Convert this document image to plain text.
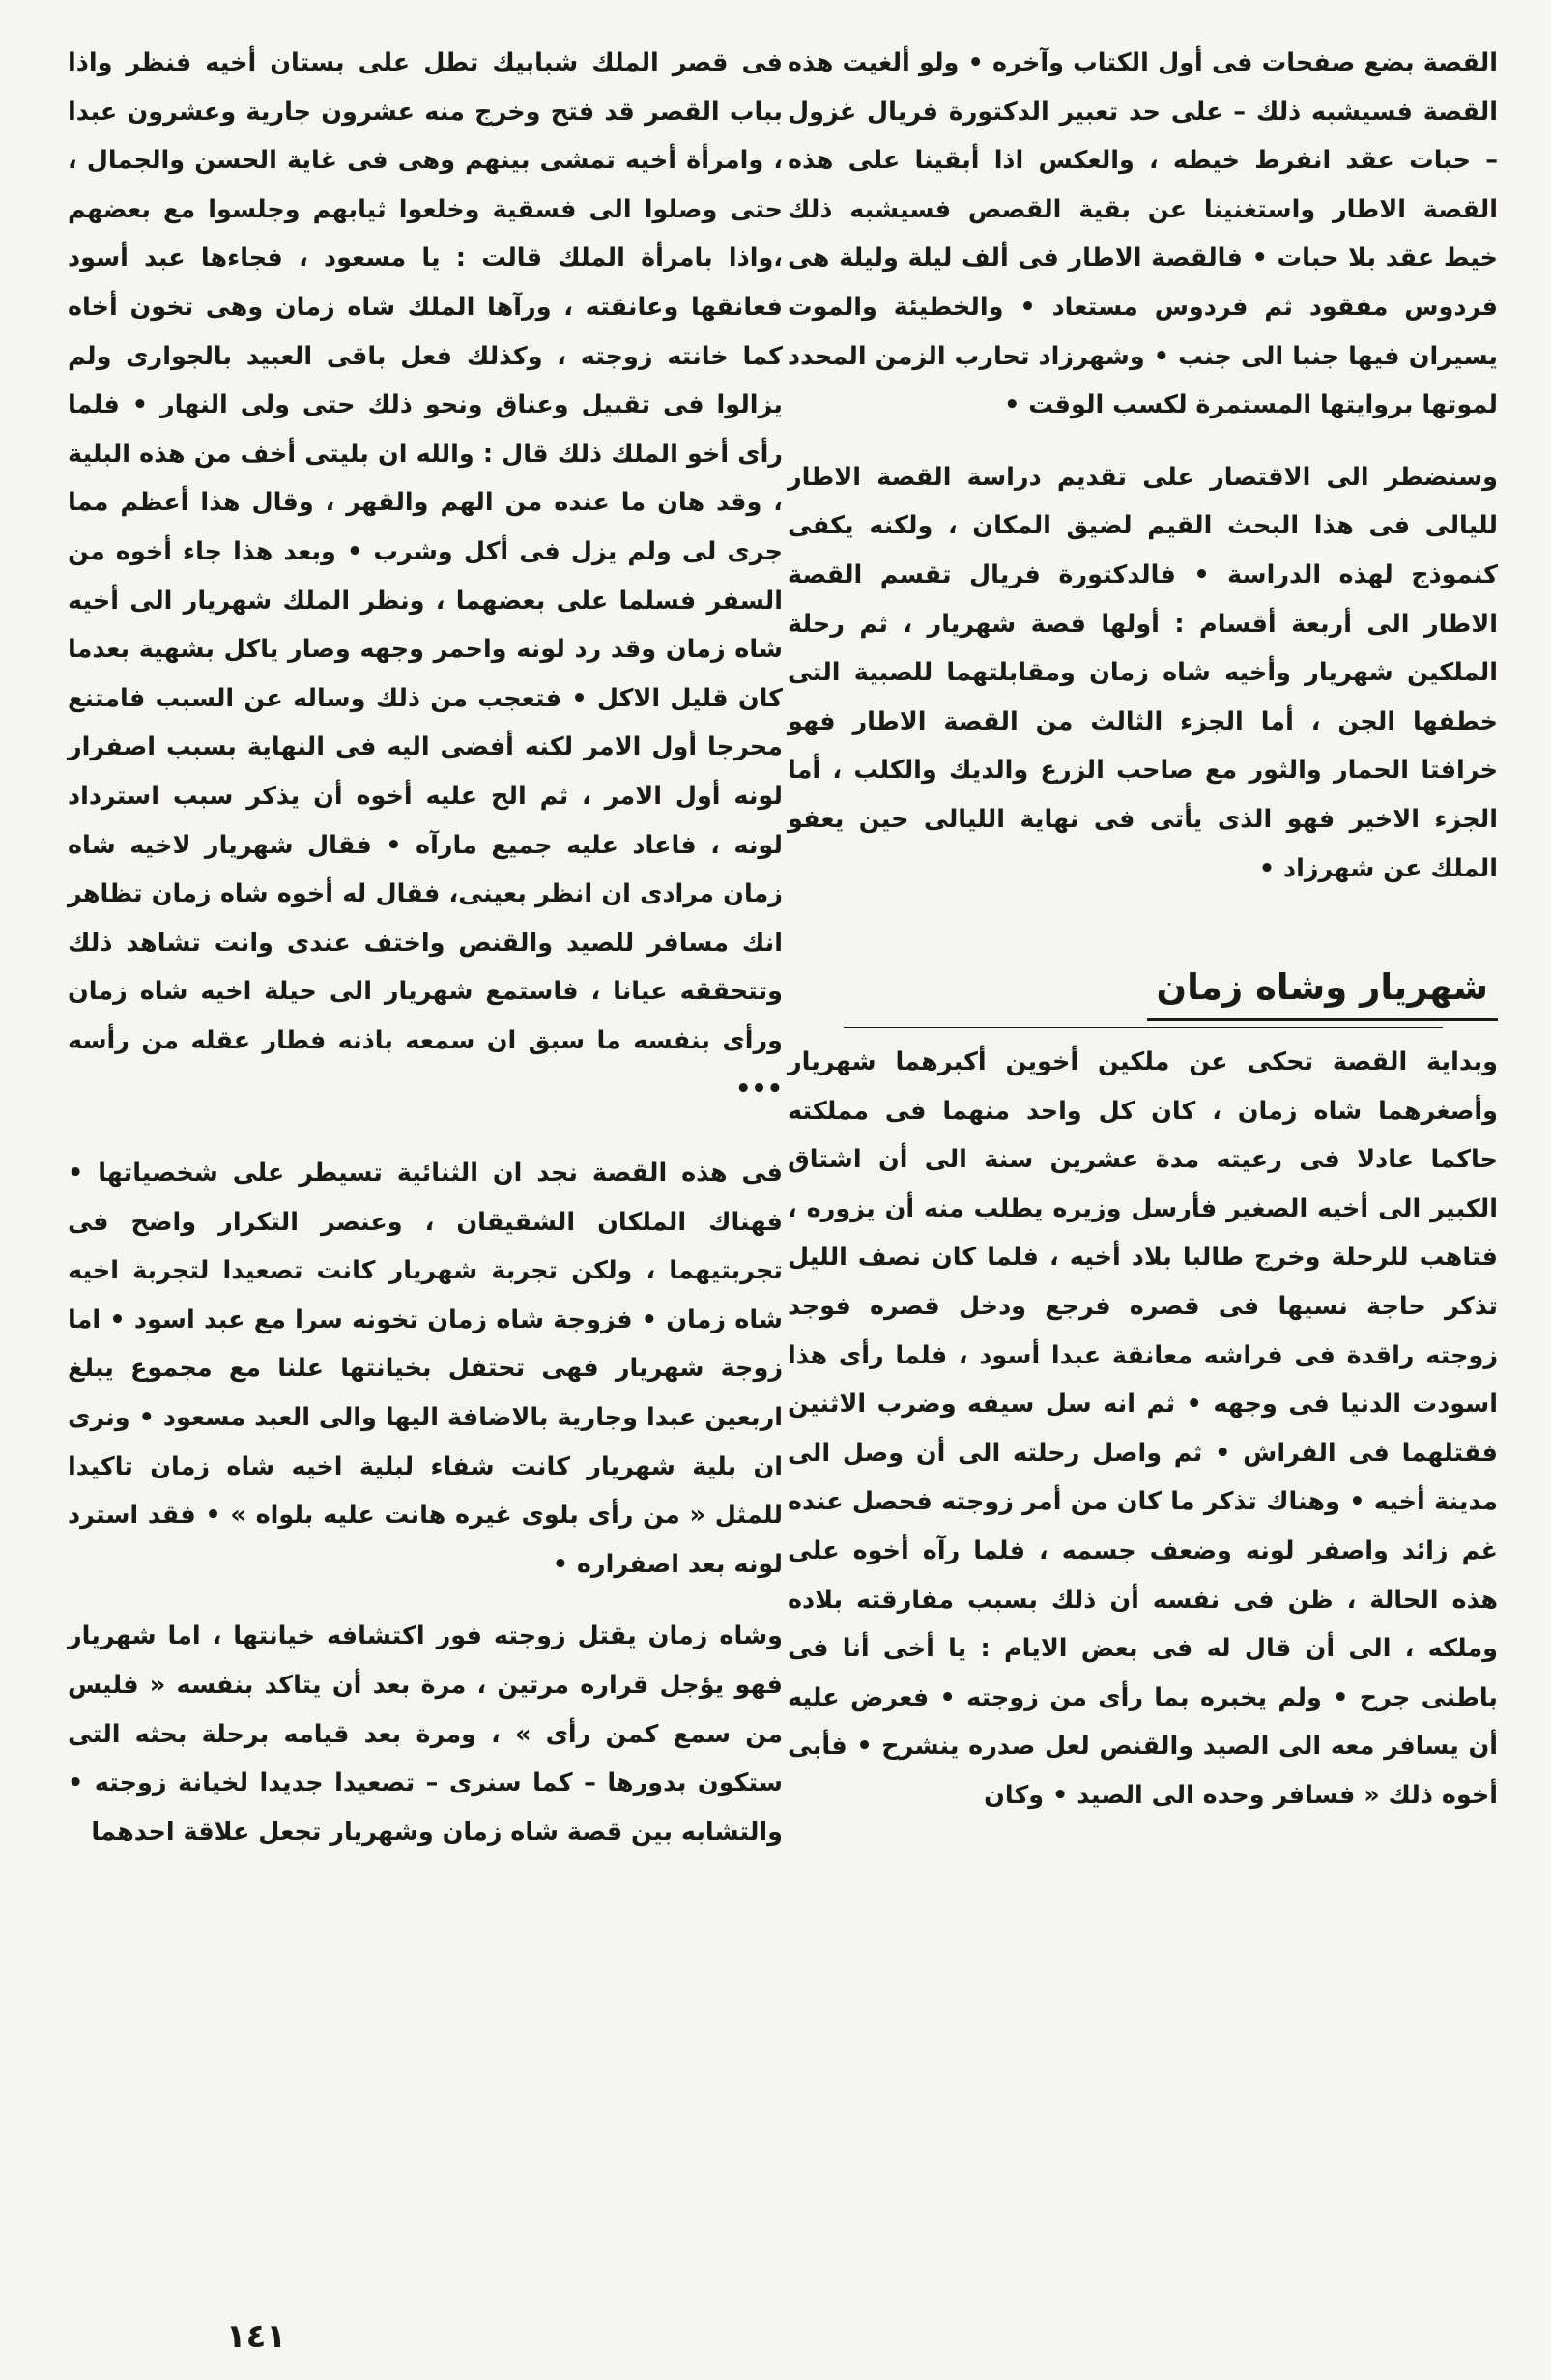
القصة بضع صفحات فى أول الكتاب وآخره • ولو ألغيت هذه القصة فسيشبه ذلك – على حد تعبير الدكتورة فريال غزول – حبات عقد انفرط خيطه ، والعكس اذا أبقينا على هذه القصة الاطار واستغنينا عن بقية القصص فسيشبه ذلك خيط عقد بلا حبات • فالقصة الاطار فى ألف ليلة وليلة هى فردوس مفقود ثم فردوس مستعاد • والخطيئة والموت يسيران فيها جنبا الى جنب • وشهرزاد تحارب الزمن المحدد لموتها بروايتها المستمرة لكسب الوقت •

وسنضطر الى الاقتصار على تقديم دراسة القصة الاطار لليالى فى هذا البحث القيم لضيق المكان ، ولكنه يكفى كنموذج لهذه الدراسة • فالدكتورة فريال تقسم القصة الاطار الى أربعة أقسام : أولها قصة شهريار ، ثم رحلة الملكين شهريار وأخيه شاه زمان ومقابلتهما للصبية التى خطفها الجن ، أما الجزء الثالث من القصة الاطار فهو خرافتا الحمار والثور مع صاحب الزرع والديك والكلب ، أما الجزء الاخير فهو الذى يأتى فى نهاية الليالى حين يعفو الملك عن شهرزاد •

شهريار وشاه زمان

وبداية القصة تحكى عن ملكين أخوين أكبرهما شهريار وأصغرهما شاه زمان ، كان كل واحد منهما فى مملكته حاكما عادلا فى رعيته مدة عشرين سنة الى أن اشتاق الكبير الى أخيه الصغير فأرسل وزيره يطلب منه أن يزوره ، فتاهب للرحلة وخرج طالبا بلاد أخيه ، فلما كان نصف الليل تذكر حاجة نسيها فى قصره فرجع ودخل قصره فوجد زوجته راقدة فى فراشه معانقة عبدا أسود ، فلما رأى هذا اسودت الدنيا فى وجهه • ثم انه سل سيفه وضرب الاثنين فقتلهما فى الفراش • ثم واصل رحلته الى أن وصل الى مدينة أخيه • وهناك تذكر ما كان من أمر زوجته فحصل عنده غم زائد واصفر لونه وضعف جسمه ، فلما رآه أخوه على هذه الحالة ، ظن فى نفسه أن ذلك بسبب مفارقته بلاده وملكه ، الى أن قال له فى بعض الايام : يا أخى أنا فى باطنى جرح • ولم يخبره بما رأى من زوجته • فعرض عليه أن يسافر معه الى الصيد والقنص لعل صدره ينشرح • فأبى أخوه ذلك « فسافر وحده الى الصيد • وكان

فى قصر الملك شبابيك تطل على بستان أخيه فنظر واذا بباب القصر قد فتح وخرج منه عشرون جارية وعشرون عبدا ، وامرأة أخيه تمشى بينهم وهى فى غاية الحسن والجمال ، حتى وصلوا الى فسقية وخلعوا ثيابهم وجلسوا مع بعضهم ،واذا بامرأة الملك قالت : يا مسعود ، فجاءها عبد أسود فعانقها وعانقته ، ورآها الملك شاه زمان وهى تخون أخاه كما خانته زوجته ، وكذلك فعل باقى العبيد بالجوارى ولم يزالوا فى تقبيل وعناق ونحو ذلك حتى ولى النهار • فلما رأى أخو الملك ذلك قال : والله ان بليتى أخف من هذه البلية ، وقد هان ما عنده من الهم والقهر ، وقال هذا أعظم مما جرى لى ولم يزل فى أكل وشرب • وبعد هذا جاء أخوه من السفر فسلما على بعضهما ، ونظر الملك شهريار الى أخيه شاه زمان وقد رد لونه واحمر وجهه وصار ياكل بشهية بعدما كان قليل الاكل • فتعجب من ذلك وساله عن السبب فامتنع محرجا أول الامر لكنه أفضى اليه فى النهاية بسبب اصفرار لونه أول الامر ، ثم الح عليه أخوه أن يذكر سبب استرداد لونه ، فاعاد عليه جميع مارآه • فقال شهريار لاخيه شاه زمان مرادى ان انظر بعينى، فقال له أخوه شاه زمان تظاهر انك مسافر للصيد والقنص واختف عندى وانت تشاهد ذلك وتتحققه عيانا ، فاستمع شهريار الى حيلة اخيه شاه زمان ورأى بنفسه ما سبق ان سمعه باذنه فطار عقله من رأسه •••

فى هذه القصة نجد ان الثنائية تسيطر على شخصياتها • فهناك الملكان الشقيقان ، وعنصر التكرار واضح فى تجربتيهما ، ولكن تجربة شهريار كانت تصعيدا لتجربة اخيه شاه زمان • فزوجة شاه زمان تخونه سرا مع عبد اسود • اما زوجة شهريار فهى تحتفل بخيانتها علنا مع مجموع يبلغ اربعين عبدا وجارية بالاضافة اليها والى العبد مسعود • ونرى ان بلية شهريار كانت شفاء لبلية اخيه شاه زمان تاكيدا للمثل « من رأى بلوى غيره هانت عليه بلواه » • فقد استرد لونه بعد اصفراره •

وشاه زمان يقتل زوجته فور اكتشافه خيانتها ، اما شهريار فهو يؤجل قراره مرتين ، مرة بعد أن يتاكد بنفسه « فليس من سمع كمن رأى » ، ومرة بعد قيامه برحلة بحثه التى ستكون بدورها – كما سنرى – تصعيدا جديدا لخيانة زوجته • والتشابه بين قصة شاه زمان وشهريار تجعل علاقة احدهما

١٤١
